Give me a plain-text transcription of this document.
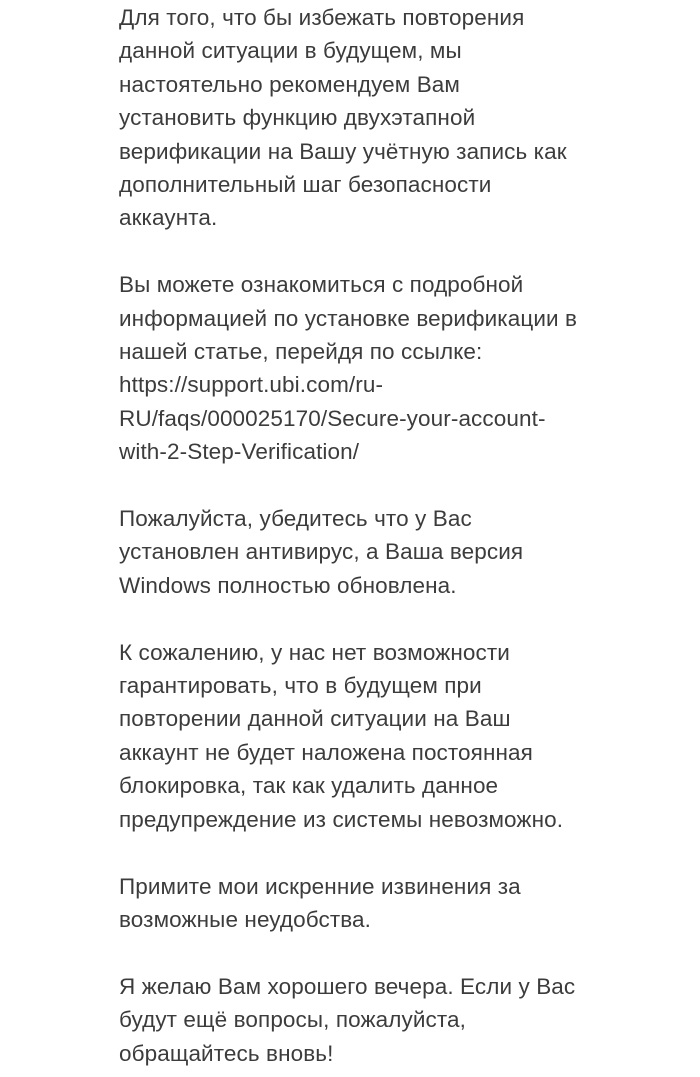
Для того, что бы избежать повторения
данной ситуации в будущем, мы
настоятельно рекомендуем Вам
установить функцию двухэтапной
верификации на Вашу учётную запись как
дополнительный шаг безопасности
аккаунта.

Вы можете ознакомиться с подробной
информацией по установке верификации в
нашей статье, перейдя по ссылке:
https://support.ubi.com/ru-
RU/faqs/000025170/Secure-your-account-
with-2-Step-Verification/

Пожалуйста, убедитесь что у Вас
установлен антивирус, а Ваша версия
Windows полностью обновлена.

К сожалению, у нас нет возможности
гарантировать, что в будущем при
повторении данной ситуации на Ваш
аккаунт не будет наложена постоянная
блокировка, так как удалить данное
предупреждение из системы невозможно.

Примите мои искренние извинения за
возможные неудобства.

Я желаю Вам хорошего вечера. Если у Вас
будут ещё вопросы, пожалуйста,
обращайтесь вновь!
